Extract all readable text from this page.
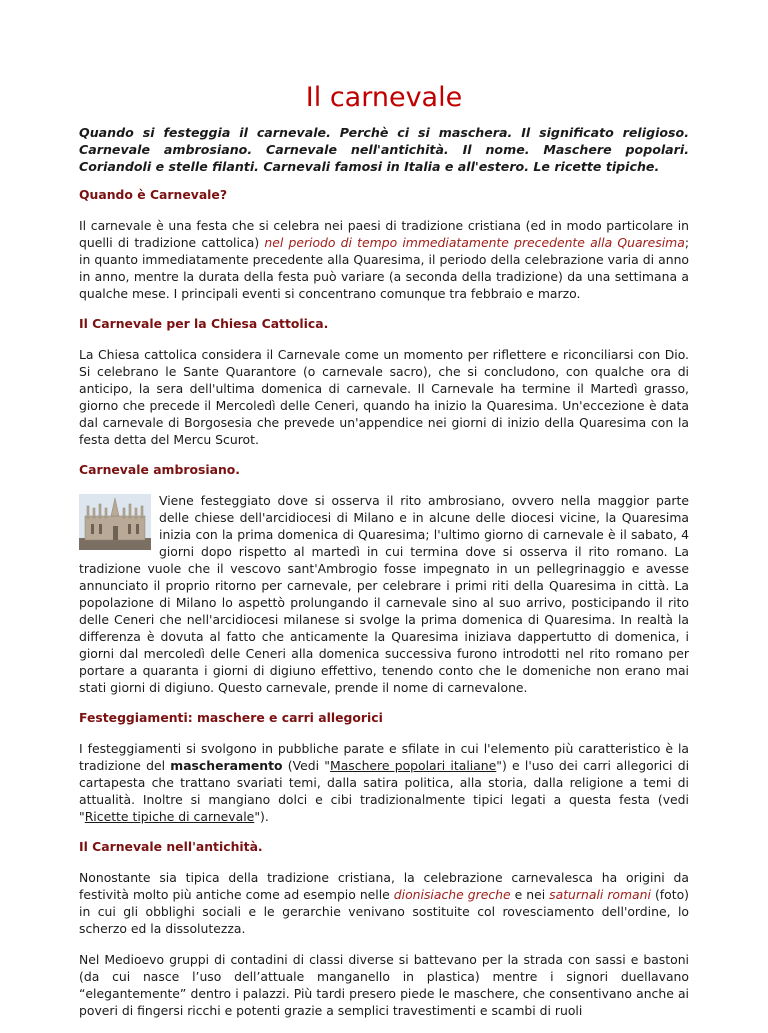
Il carnevale

Quando si festeggia il carnevale. Perchè ci si maschera. Il significato religioso. Carnevale ambrosiano. Carnevale nell'antichità. Il nome. Maschere popolari. Coriandoli e stelle filanti. Carnevali famosi in Italia e all'estero. Le ricette tipiche.

Quando è Carnevale?

Il carnevale è una festa che si celebra nei paesi di tradizione cristiana (ed in modo particolare in quelli di tradizione cattolica) nel periodo di tempo immediatamente precedente alla Quaresima; in quanto immediatamente precedente alla Quaresima, il periodo della celebrazione varia di anno in anno, mentre la durata della festa può variare (a seconda della tradizione) da una settimana a qualche mese. I principali eventi si concentrano comunque tra febbraio e marzo.

Il Carnevale per la Chiesa Cattolica.

La Chiesa cattolica considera il Carnevale come un momento per riflettere e riconciliarsi con Dio. Si celebrano le Sante Quarantore (o carnevale sacro), che si concludono, con qualche ora di anticipo, la sera dell'ultima domenica di carnevale. Il Carnevale ha termine il Martedì grasso, giorno che precede il Mercoledì delle Ceneri, quando ha inizio la Quaresima. Un'eccezione è data dal carnevale di Borgosesia che prevede un'appendice nei giorni di inizio della Quaresima con la festa detta del Mercu Scurot.

Carnevale ambrosiano.

Viene festeggiato dove si osserva il rito ambrosiano, ovvero nella maggior parte delle chiese dell'arcidiocesi di Milano e in alcune delle diocesi vicine, la Quaresima inizia con la prima domenica di Quaresima; l'ultimo giorno di carnevale è il sabato, 4 giorni dopo rispetto al martedì in cui termina dove si osserva il rito romano. La tradizione vuole che il vescovo sant'Ambrogio fosse impegnato in un pellegrinaggio e avesse annunciato il proprio ritorno per carnevale, per celebrare i primi riti della Quaresima in città. La popolazione di Milano lo aspettò prolungando il carnevale sino al suo arrivo, posticipando il rito delle Ceneri che nell'arcidiocesi milanese si svolge la prima domenica di Quaresima. In realtà la differenza è dovuta al fatto che anticamente la Quaresima iniziava dappertutto di domenica, i giorni dal mercoledì delle Ceneri alla domenica successiva furono introdotti nel rito romano per portare a quaranta i giorni di digiuno effettivo, tenendo conto che le domeniche non erano mai stati giorni di digiuno. Questo carnevale, prende il nome di carnevalone.

Festeggiamenti: maschere e carri allegorici

I festeggiamenti si svolgono in pubbliche parate e sfilate in cui l'elemento più caratteristico è la tradizione del mascheramento (Vedi "Maschere popolari italiane") e l'uso dei carri allegorici di cartapesta che trattano svariati temi, dalla satira politica, alla storia, dalla religione a temi di attualità. Inoltre si mangiano dolci e cibi tradizionalmente tipici legati a questa festa (vedi "Ricette tipiche di carnevale").

Il Carnevale nell'antichità.

Nonostante sia tipica della tradizione cristiana, la celebrazione carnevalesca ha origini da festività molto più antiche come ad esempio nelle dionisiache greche e nei saturnali romani (foto) in cui gli obblighi sociali e le gerarchie venivano sostituite col rovesciamento dell'ordine, lo scherzo ed la dissolutezza.

Nel Medioevo gruppi di contadini di classi diverse si battevano per la strada con sassi e bastoni (da cui nasce l’uso dell’attuale manganello in plastica) mentre i signori duellavano “elegantemente” dentro i palazzi. Più tardi presero piede le maschere, che consentivano anche ai poveri di fingersi ricchi e potenti grazie a semplici travestimenti e scambi di ruoli
